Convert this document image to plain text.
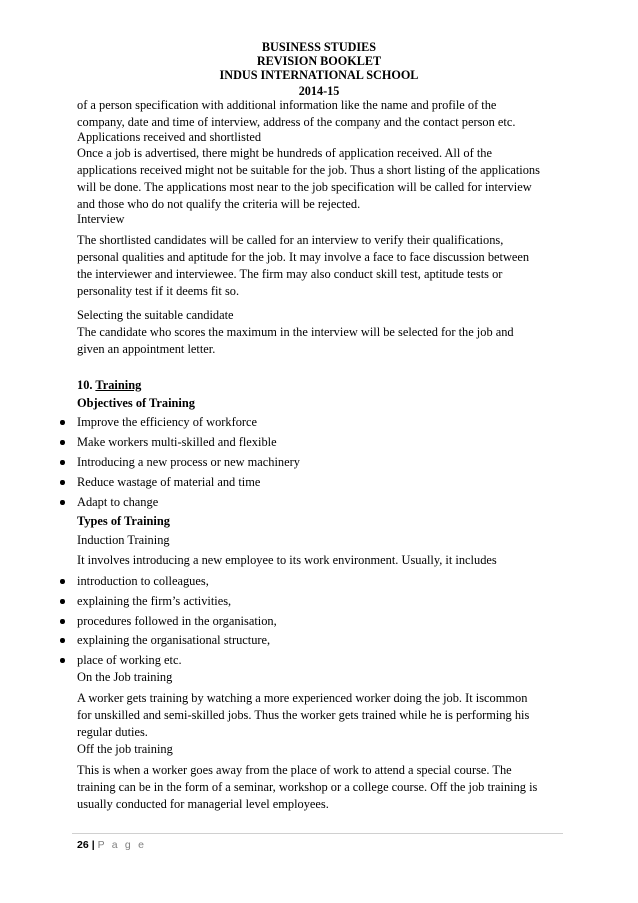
BUSINESS STUDIES
REVISION BOOKLET
INDUS INTERNATIONAL SCHOOL
2014-15
of a person specification with additional information like the name and profile of the
company, date and time of interview, address of the company and the contact person etc.
Applications received and shortlisted
Once a job is advertised, there might be hundreds of application received. All of the
applications received might not be suitable for the job. Thus a short listing of the applications
will be done. The applications most near to the job specification will be called for interview
and those who do not qualify the criteria will be rejected.
Interview
The shortlisted candidates will be called for an interview to verify their qualifications,
personal qualities and aptitude for the job. It may involve a face to face discussion between
the interviewer and interviewee. The firm may also conduct skill test, aptitude tests or
personality test if it deems fit so.
Selecting the suitable candidate
The candidate who scores the maximum in the interview will be selected for the job and
given an appointment letter.
10. Training
Objectives of Training
Improve the efficiency of workforce
Make workers multi-skilled and flexible
Introducing a new process or new machinery
Reduce wastage of material and time
Adapt to change
Types of Training
Induction Training
It involves introducing a new employee to its work environment. Usually, it includes
introduction to colleagues,
explaining the firm’s activities,
procedures followed in the organisation,
explaining the organisational structure,
place of working etc.
On the Job training
A worker gets training by watching a more experienced worker doing the job. It iscommon
for unskilled and semi-skilled jobs. Thus the worker gets trained while he is performing his
regular duties.
Off the job training
This is when a worker goes away from the place of work to attend a special course. The
training can be in the form of a seminar, workshop or a college course. Off the job training is
usually conducted for managerial level employees.
26 | P a g e
